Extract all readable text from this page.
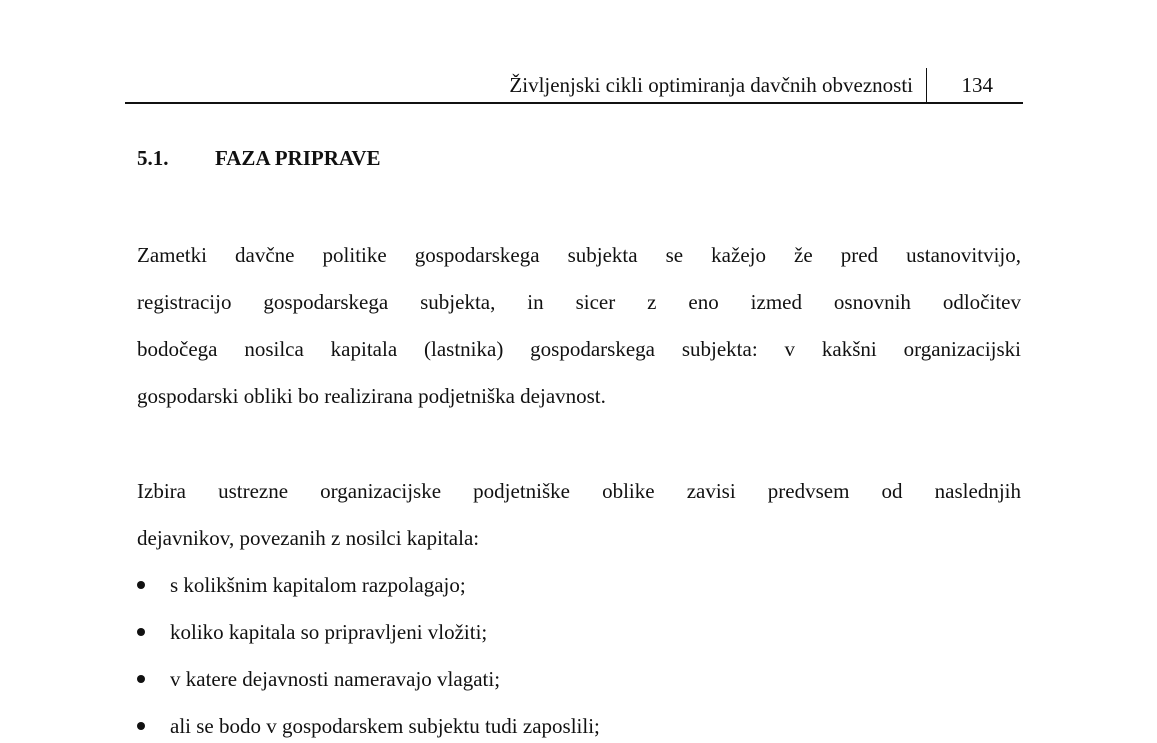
Življenjski cikli optimiranja davčnih obveznosti 134
5.1. FAZA PRIPRAVE
Zametki davčne politike gospodarskega subjekta se kažejo že pred ustanovitvijo,
registracijo gospodarskega subjekta, in sicer z eno izmed osnovnih odločitev
bodočega nosilca kapitala (lastnika) gospodarskega subjekta: v kakšni organizacijski
gospodarski obliki bo realizirana podjetniška dejavnost.
Izbira ustrezne organizacijske podjetniške oblike zavisi predvsem od naslednjih
dejavnikov, povezanih z nosilci kapitala:
s kolikšnim kapitalom razpolagajo;
koliko kapitala so pripravljeni vložiti;
v katere dejavnosti nameravajo vlagati;
ali se bodo v gospodarskem subjektu tudi zaposlili;
